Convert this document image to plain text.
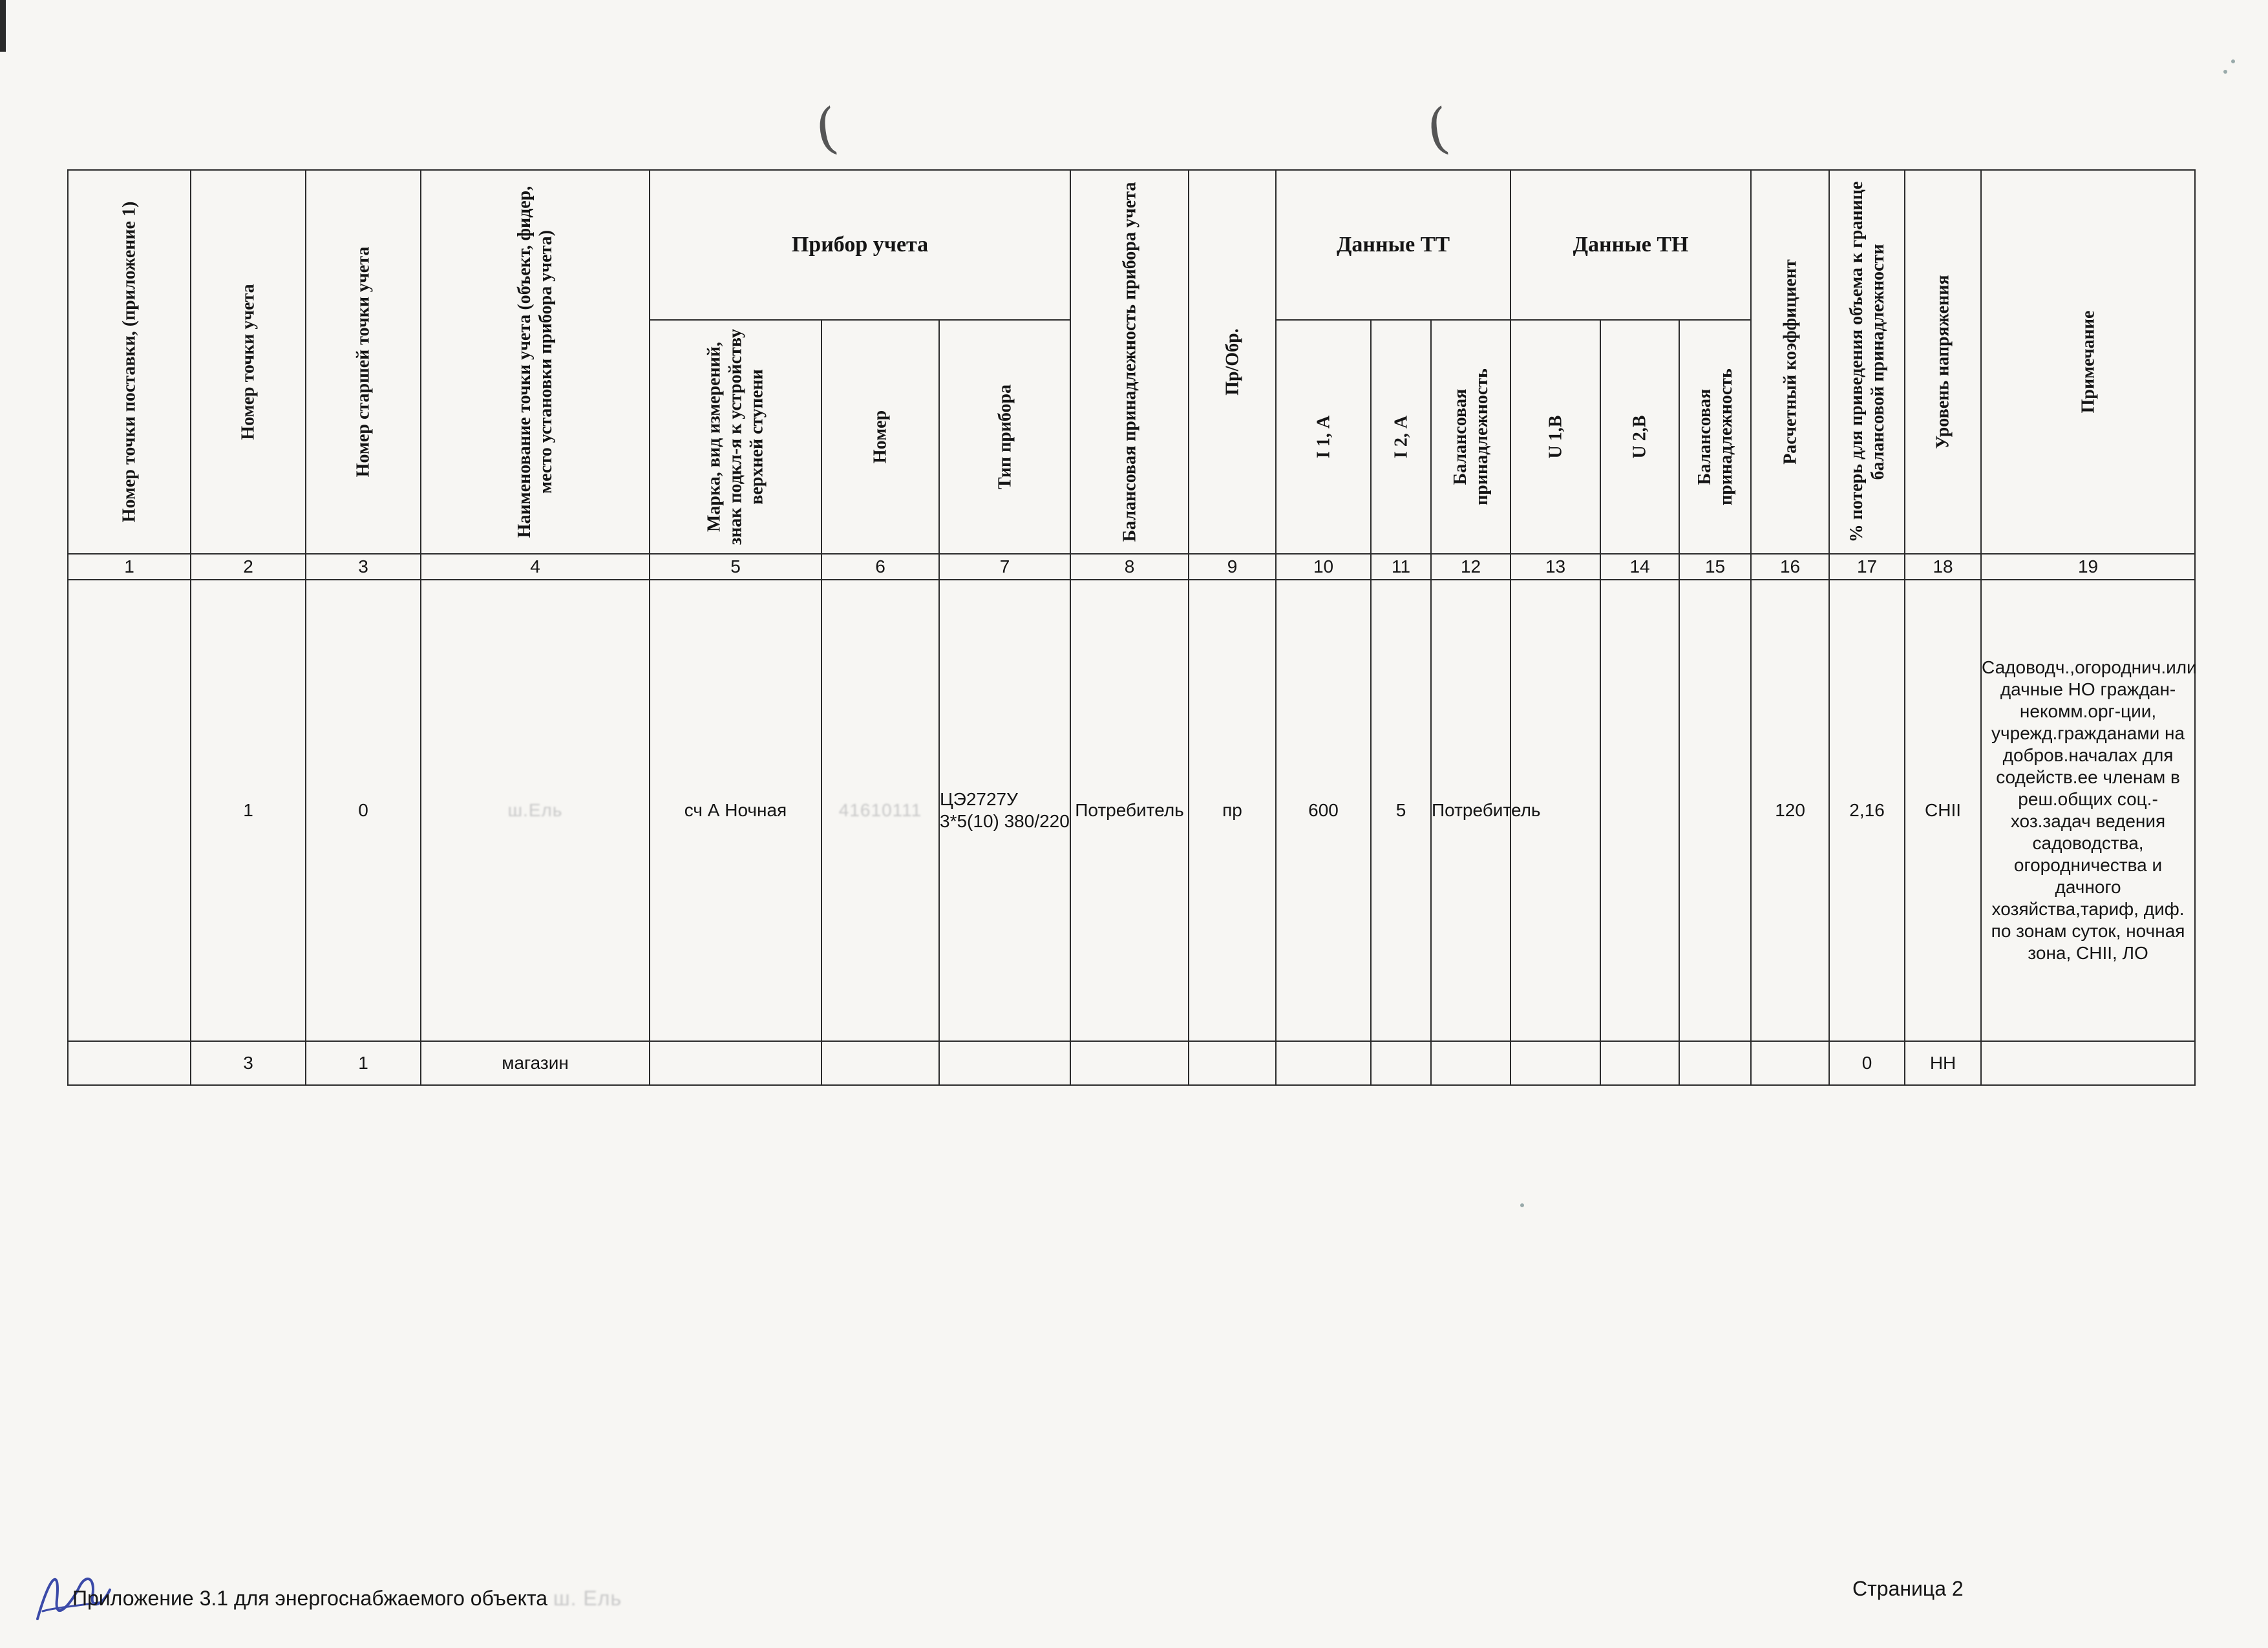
(	(
Номер точки поставки, (приложение 1)	Номер точки учета	Номер старшей точки учета	Наименование точки учета (объект, фидер, место установки прибора учета)	Прибор учета			Балансовая принадлежность прибора учета	Пр/Обр.	Данные ТТ			Данные ТН			Расчетный коэффициент	% потерь для приведения объема к границе балансовой принадлежности	Уровень напряжения	Примечание

				Марка, вид измерений, знак подкл-я к устройству верхней ступени	Номер	Тип прибора			I 1, А	I 2, А	Балансовая принадлежность	U 1,В	U 2,В	Балансовая принадлежность				

1	2	3	4	5	6	7	8	9	10	11	12	13	14	15	16	17	18	19
	1	0	ш.Ель	сч А Ночная	41610111	ЦЭ2727У 3*5(10) 380/220	Потребитель	пр	600	5	Потребитель				120	2,16	СНII	Садоводч.,огороднич.или дачные НО граждан-некомм.орг-ции, учрежд.гражданами на добров.началах для содейств.ее членам в реш.общих соц.-хоз.задач ведения садоводства, огородничества и дачного хозяйства,тариф, диф. по зонам суток, ночная зона, СНII, ЛО
	3	1	магазин													0	НН	
Приложение 3.1 для энергоснабжаемого объекта ш. Ель	Страница 2
